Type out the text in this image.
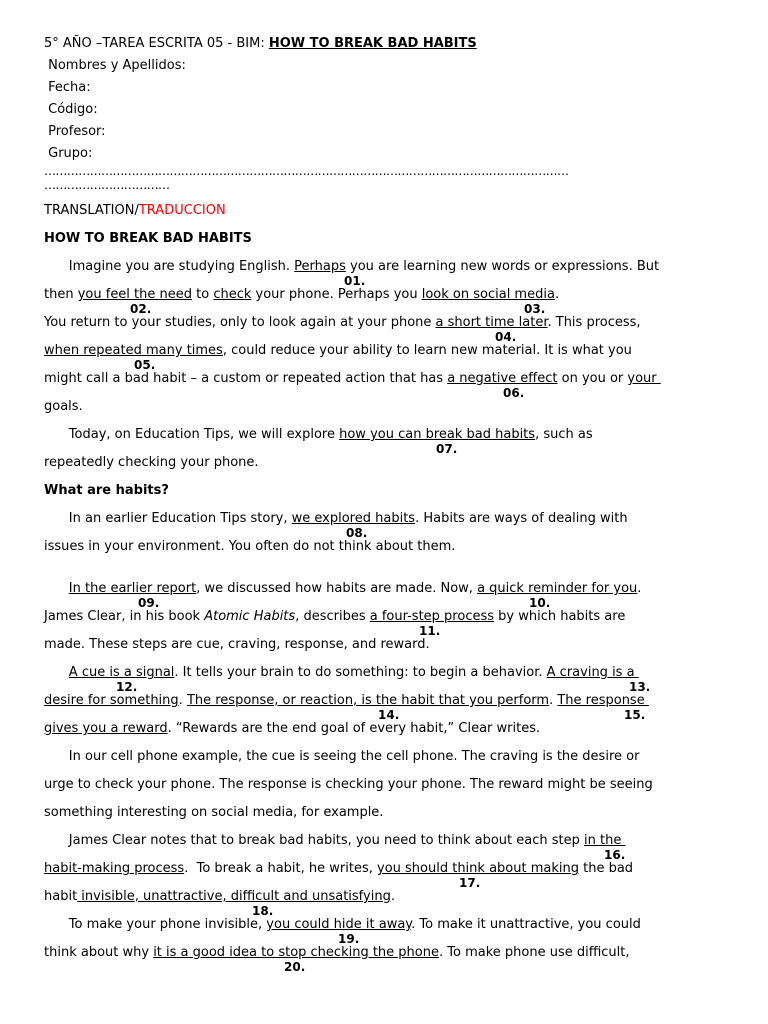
5° AÑO –TAREA ESCRITA 05 - BIM: HOW TO BREAK BAD HABITS
Nombres y Apellidos:
Fecha:
Código:
Profesor:
Grupo:
…………………………………………………………………………………………………………………………
……………………………
TRANSLATION/TRADUCCION
HOW TO BREAK BAD HABITS
Imagine you are studying English. Perhaps you are learning new words or expressions. But
01.
then you feel the need to check your phone. Perhaps you look on social media.
02.	03.
You return to your studies, only to look again at your phone a short time later. This process,
04.
when repeated many times, could reduce your ability to learn new material. It is what you
05.
might call a bad habit – a custom or repeated action that has a negative effect on you or your
06.
goals.
Today, on Education Tips, we will explore how you can break bad habits, such as
07.
repeatedly checking your phone.
What are habits?
In an earlier Education Tips story, we explored habits. Habits are ways of dealing with
08.
issues in your environment. You often do not think about them.
In the earlier report, we discussed how habits are made. Now, a quick reminder for you.
09.	10.
James Clear, in his book Atomic Habits, describes a four-step process by which habits are
11.
made. These steps are cue, craving, response, and reward.
A cue is a signal. It tells your brain to do something: to begin a behavior. A craving is a
12.	13.
desire for something. The response, or reaction, is the habit that you perform. The response
14.	15.
gives you a reward. “Rewards are the end goal of every habit,” Clear writes.
In our cell phone example, the cue is seeing the cell phone. The craving is the desire or
urge to check your phone. The response is checking your phone. The reward might be seeing
something interesting on social media, for example.
James Clear notes that to break bad habits, you need to think about each step in the
16.
habit-making process.  To break a habit, he writes, you should think about making the bad
17.
habit invisible, unattractive, difficult and unsatisfying.
18.
To make your phone invisible, you could hide it away. To make it unattractive, you could
19.
think about why it is a good idea to stop checking the phone. To make phone use difficult,
20.
